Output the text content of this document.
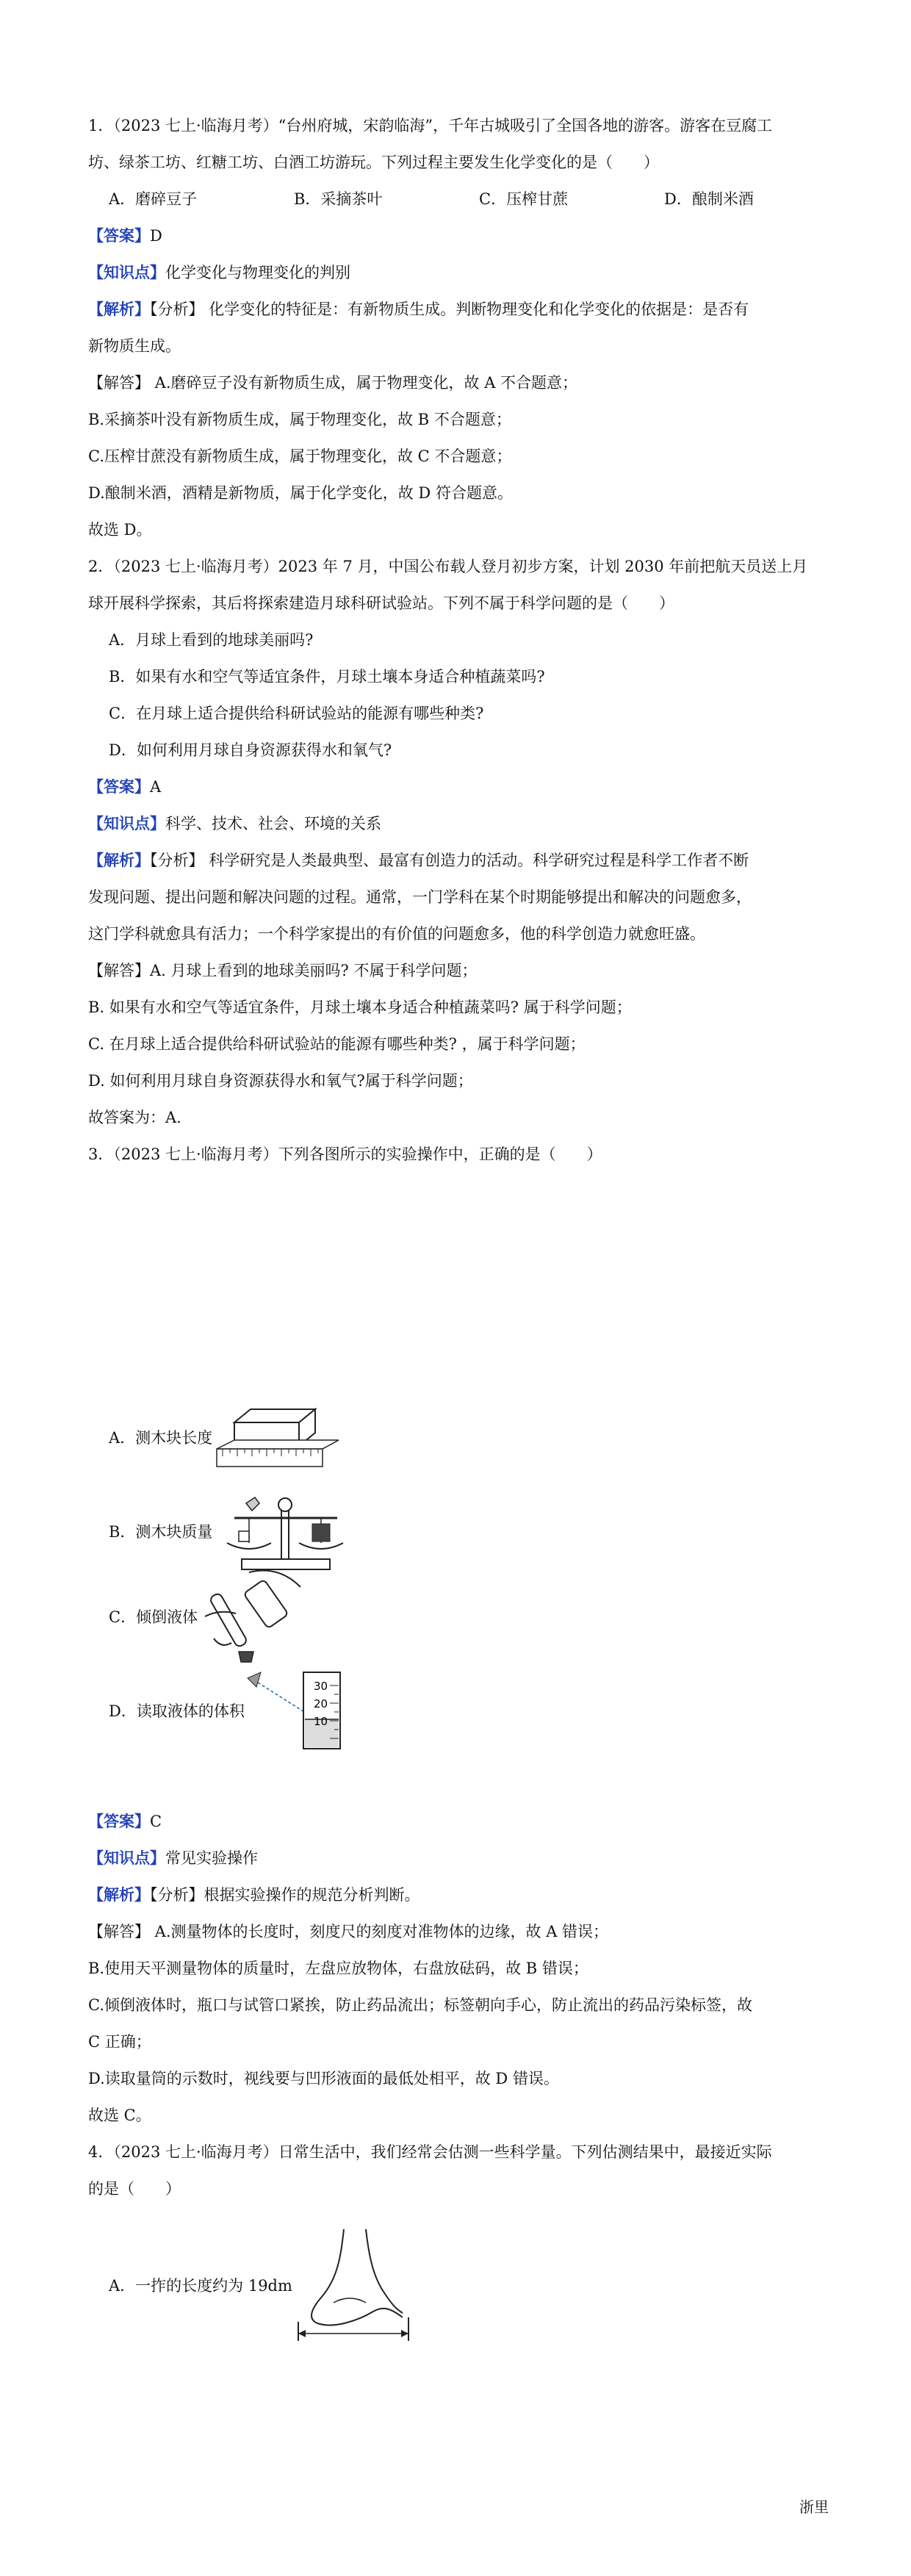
1．（2023 七上·临海月考）“台州府城，宋韵临海”，千年古城吸引了全国各地的游客。游客在豆腐工
坊、绿茶工坊、红糖工坊、白酒工坊游玩。下列过程主要发生化学变化的是（　　）
A．磨碎豆子	B．采摘茶叶	C．压榨甘蔗	D．酿制米酒
【答案】D
【知识点】化学变化与物理变化的判别
【解析】【分析】 化学变化的特征是：有新物质生成。判断物理变化和化学变化的依据是：是否有
新物质生成。
【解答】 A.磨碎豆子没有新物质生成，属于物理变化，故 A 不合题意；
B.采摘茶叶没有新物质生成，属于物理变化，故 B 不合题意；
C.压榨甘蔗没有新物质生成，属于物理变化，故 C 不合题意；
D.酿制米酒，酒精是新物质，属于化学变化，故 D 符合题意。
故选 D。
2．（2023 七上·临海月考）2023 年 7 月，中国公布载人登月初步方案，计划 2030 年前把航天员送上月
球开展科学探索，其后将探索建造月球科研试验站。下列不属于科学问题的是（　　）
A．月球上看到的地球美丽吗?
B．如果有水和空气等适宜条件，月球土壤本身适合种植蔬菜吗?
C．在月球上适合提供给科研试验站的能源有哪些种类?
D．如何利用月球自身资源获得水和氧气?
【答案】A
【知识点】科学、技术、社会、环境的关系
【解析】【分析】 科学研究是人类最典型、最富有创造力的活动。科学研究过程是科学工作者不断
发现问题、提出问题和解决问题的过程。通常，一门学科在某个时期能够提出和解决的问题愈多，
这门学科就愈具有活力；一个科学家提出的有价值的问题愈多，他的科学创造力就愈旺盛。
【解答】A. 月球上看到的地球美丽吗? 不属于科学问题；
B. 如果有水和空气等适宜条件，月球土壤本身适合种植蔬菜吗? 属于科学问题；
C. 在月球上适合提供给科研试验站的能源有哪些种类? ，属于科学问题；
D. 如何利用月球自身资源获得水和氧气?属于科学问题；
故答案为：A.
3．（2023 七上·临海月考）下列各图所示的实验操作中，正确的是（　　）
A．测木块长度
B．测木块质量
C．倾倒液体
D．读取液体的体积
30
20
10
【答案】C
【知识点】常见实验操作
【解析】【分析】根据实验操作的规范分析判断。
【解答】 A.测量物体的长度时，刻度尺的刻度对准物体的边缘，故 A 错误；
B.使用天平测量物体的质量时，左盘应放物体，右盘放砝码，故 B 错误；
C.倾倒液体时，瓶口与试管口紧挨，防止药品流出；标签朝向手心，防止流出的药品污染标签，故
C 正确；
D.读取量筒的示数时，视线要与凹形液面的最低处相平，故 D 错误。
故选 C。
4．（2023 七上·临海月考）日常生活中，我们经常会估测一些科学量。下列估测结果中，最接近实际
的是（　　）
A．一拃的长度约为 19dm
浙里
